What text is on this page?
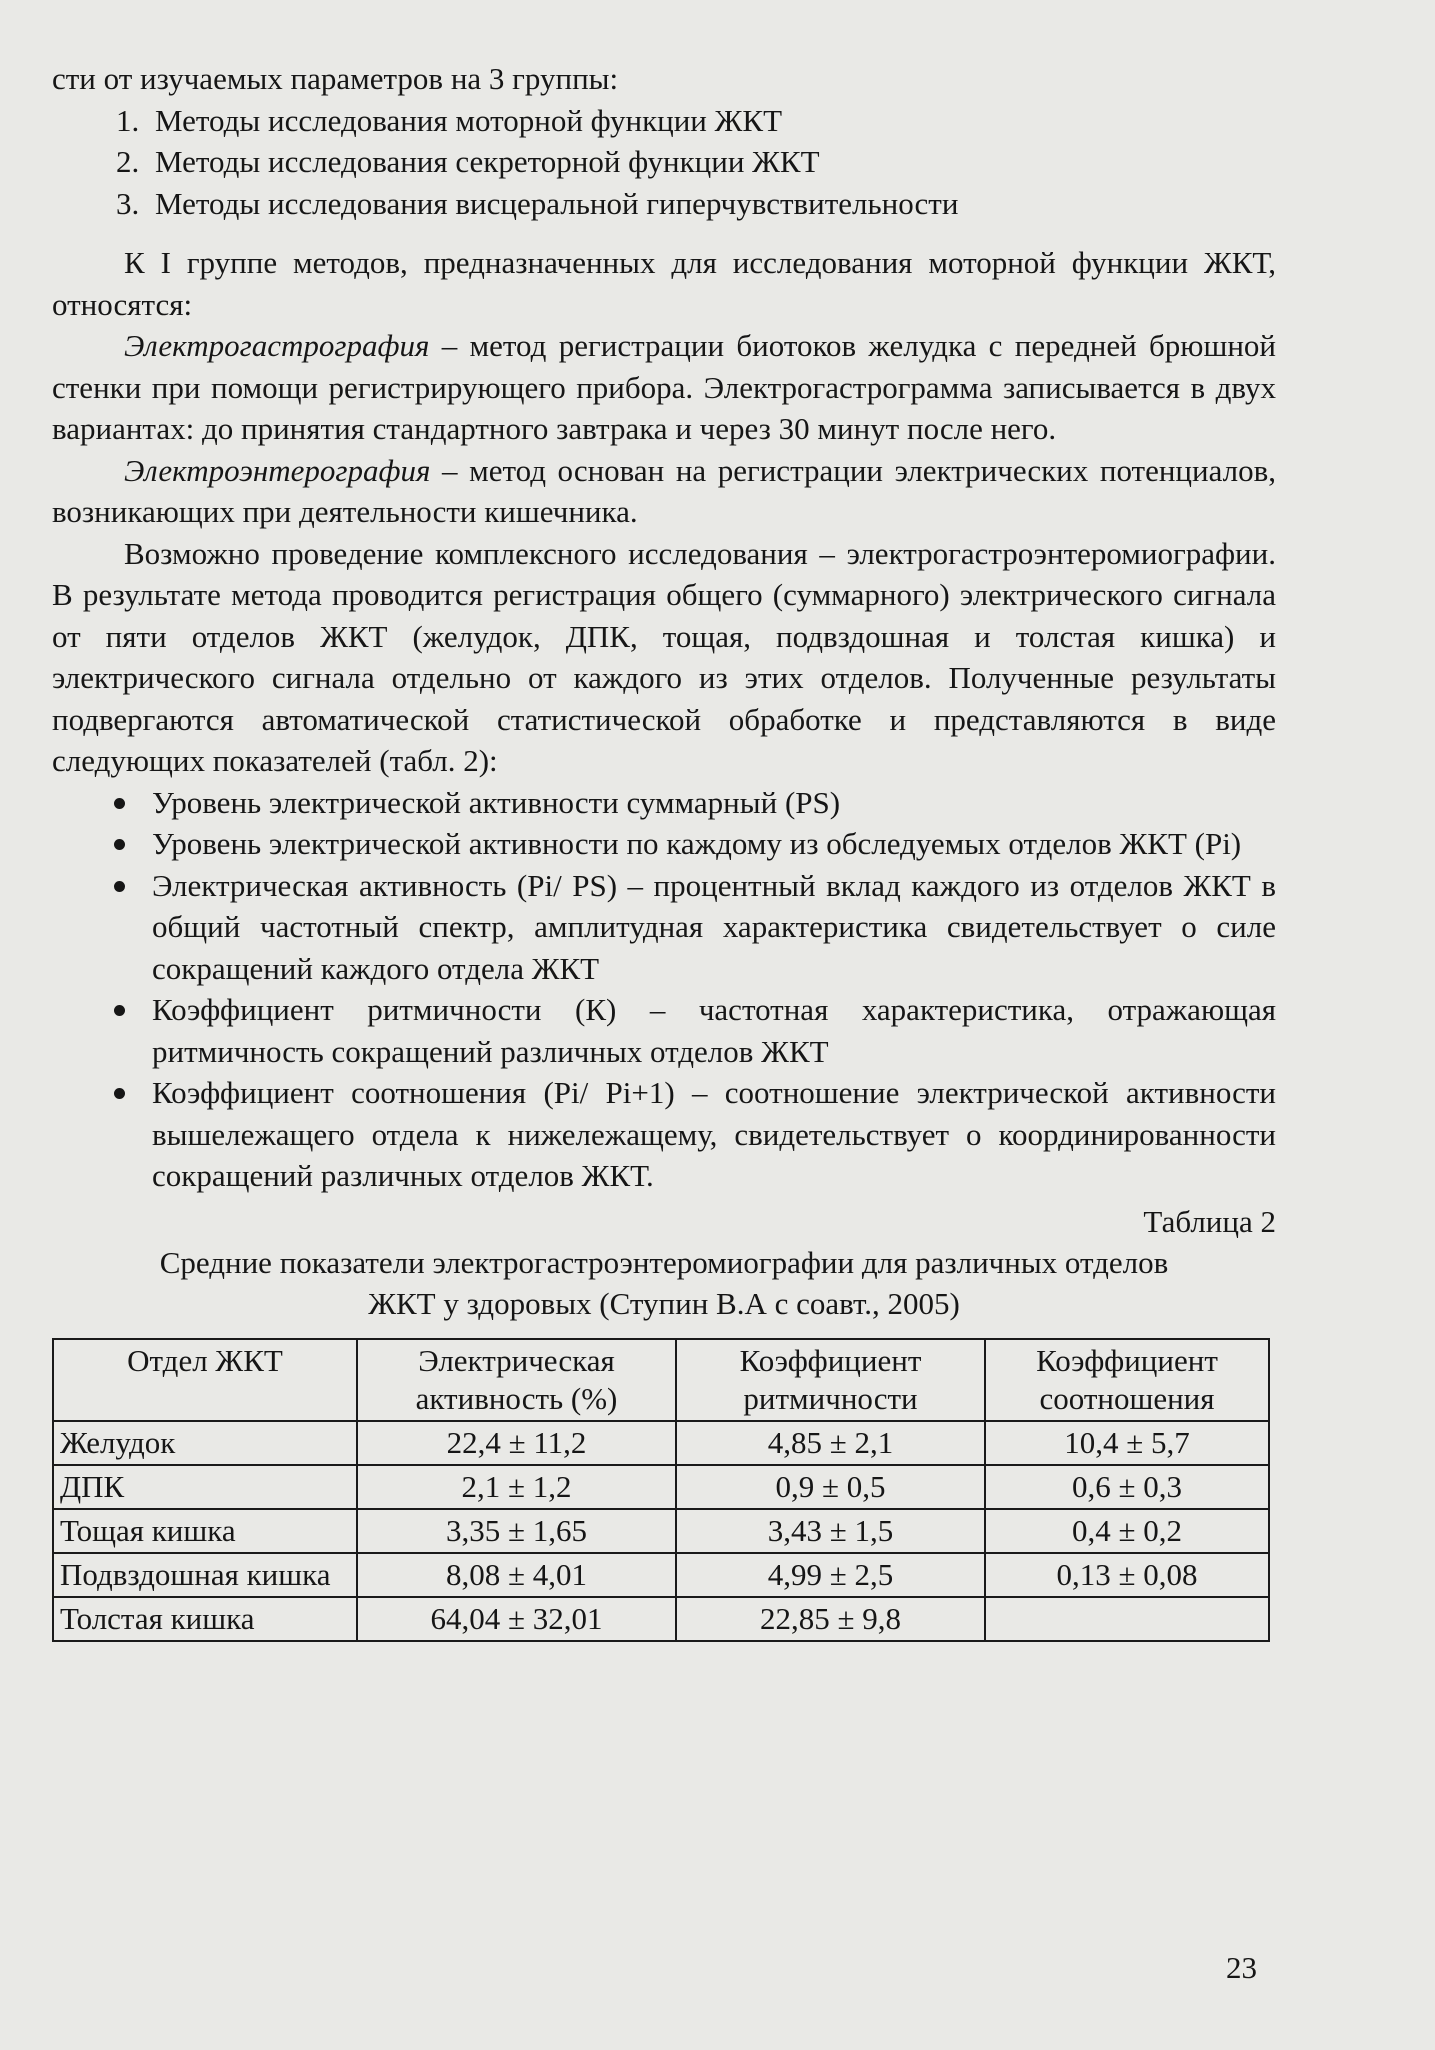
сти от изучаемых параметров на 3 группы:

1. Методы исследования моторной функции ЖКТ
2. Методы исследования секреторной функции ЖКТ
3. Методы исследования висцеральной гиперчувствительности

К I группе методов, предназначенных для исследования моторной функции ЖКТ, относятся:

Электрогастрография – метод регистрации биотоков желудка с передней брюшной стенки при помощи регистрирующего прибора. Электрогастрограмма записывается в двух вариантах: до принятия стандартного завтрака и через 30 минут после него.

Электроэнтерография – метод основан на регистрации электрических потенциалов, возникающих при деятельности кишечника.

Возможно проведение комплексного исследования – электрогастроэнтеромиографии. В результате метода проводится регистрация общего (суммарного) электрического сигнала от пяти отделов ЖКТ (желудок, ДПК, тощая, подвздошная и толстая кишка) и электрического сигнала отдельно от каждого из этих отделов. Полученные результаты подвергаются автоматической статистической обработке и представляются в виде следующих показателей (табл. 2):

Уровень электрической активности суммарный (PS)
Уровень электрической активности по каждому из обследуемых отделов ЖКТ (Pi)
Электрическая активность (Pi/ PS) – процентный вклад каждого из отделов ЖКТ в общий частотный спектр, амплитудная характеристика свидетельствует о силе сокращений каждого отдела ЖКТ
Коэффициент ритмичности (К) – частотная характеристика, отражающая ритмичность сокращений различных отделов ЖКТ
Коэффициент соотношения (Pi/ Pi+1) – соотношение электрической активности вышележащего отдела к нижележащему, свидетельствует о координированности сокращений различных отделов ЖКТ.

Таблица 2

Средние показатели электрогастроэнтеромиографии для различных отделов
ЖКТ у здоровых (Ступин В.А с соавт., 2005)

Отдел ЖКТ	Электрическая активность (%)	Коэффициент ритмичности	Коэффициент соотношения
Желудок	22,4 ± 11,2	4,85 ± 2,1	10,4 ± 5,7
ДПК	2,1 ± 1,2	0,9 ± 0,5	0,6 ± 0,3
Тощая кишка	3,35 ± 1,65	3,43 ± 1,5	0,4 ± 0,2
Подвздошная кишка	8,08 ± 4,01	4,99 ± 2,5	0,13 ± 0,08
Толстая кишка	64,04 ± 32,01	22,85 ± 9,8	
23
